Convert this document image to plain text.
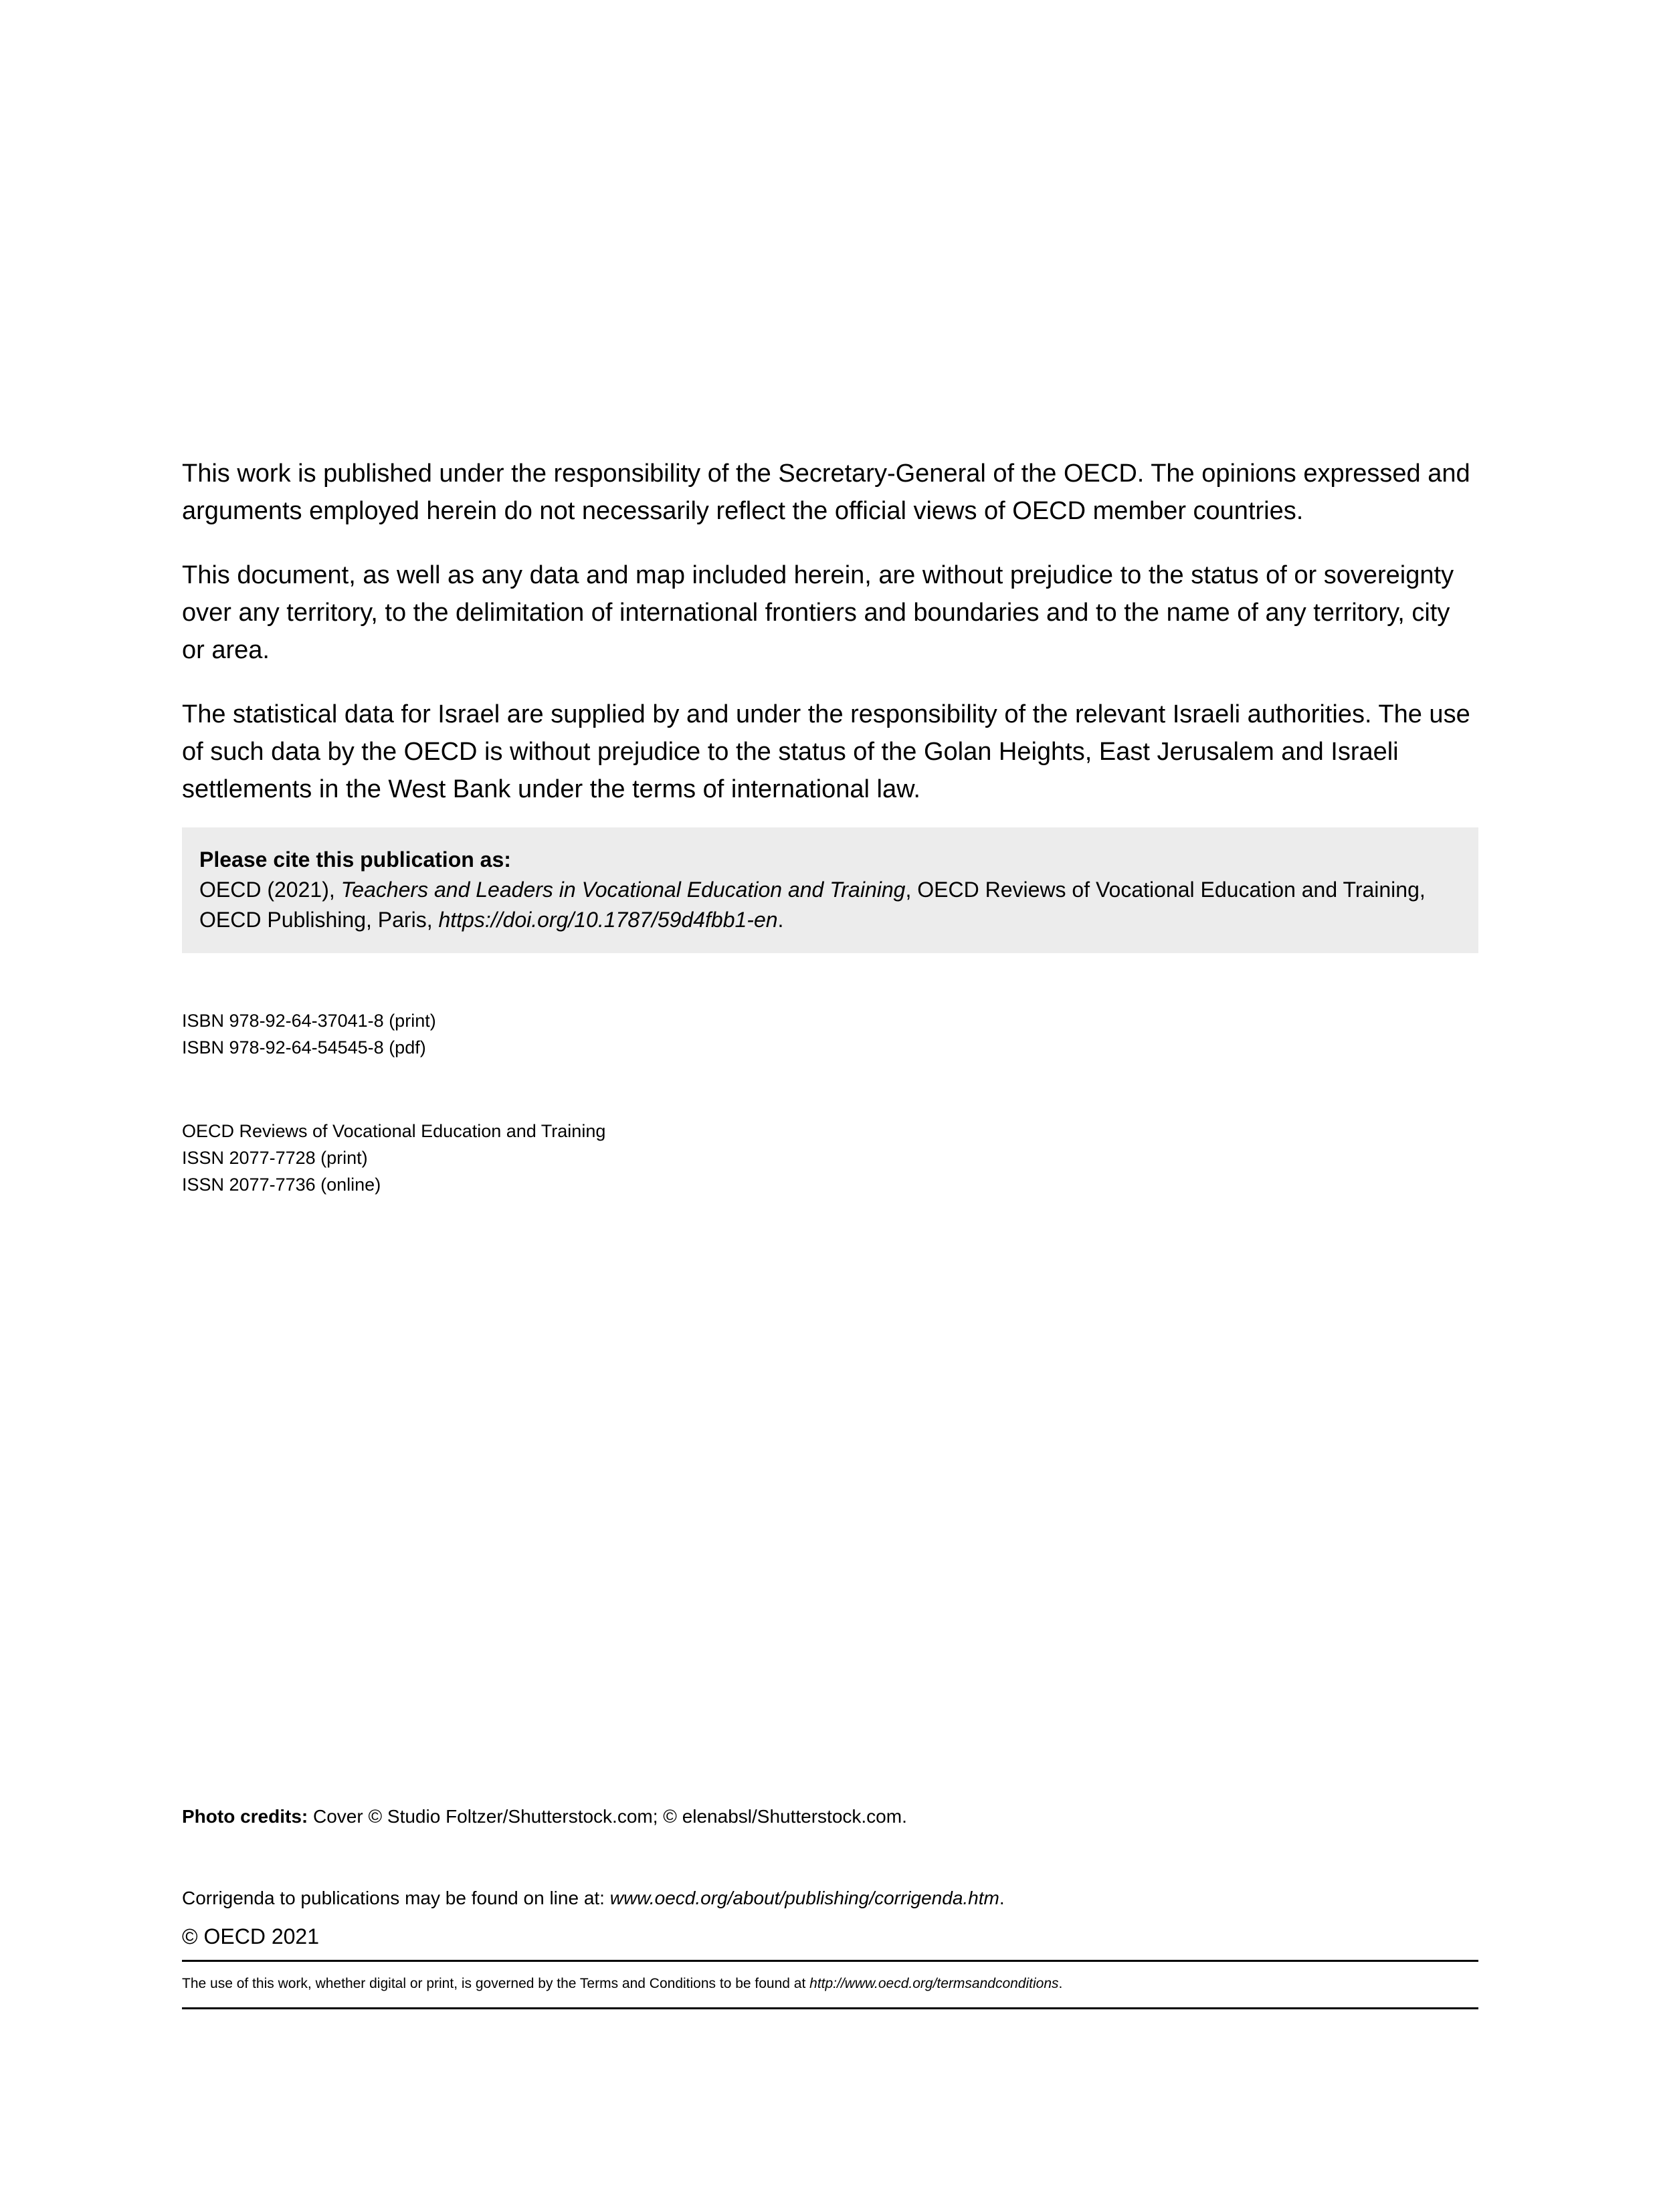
This work is published under the responsibility of the Secretary-General of the OECD. The opinions expressed and arguments employed herein do not necessarily reflect the official views of OECD member countries.

This document, as well as any data and map included herein, are without prejudice to the status of or sovereignty over any territory, to the delimitation of international frontiers and boundaries and to the name of any territory, city or area.

The statistical data for Israel are supplied by and under the responsibility of the relevant Israeli authorities. The use of such data by the OECD is without prejudice to the status of the Golan Heights, East Jerusalem and Israeli settlements in the West Bank under the terms of international law.

Please cite this publication as:
OECD (2021), Teachers and Leaders in Vocational Education and Training, OECD Reviews of Vocational Education and Training, OECD Publishing, Paris, https://doi.org/10.1787/59d4fbb1-en.
ISBN 978-92-64-37041-8 (print)
ISBN 978-92-64-54545-8 (pdf)
OECD Reviews of Vocational Education and Training
ISSN 2077-7728 (print)
ISSN 2077-7736 (online)
Photo credits: Cover © Studio Foltzer/Shutterstock.com; © elenabsl/Shutterstock.com.
Corrigenda to publications may be found on line at: www.oecd.org/about/publishing/corrigenda.htm.
© OECD 2021
The use of this work, whether digital or print, is governed by the Terms and Conditions to be found at http://www.oecd.org/termsandconditions.
